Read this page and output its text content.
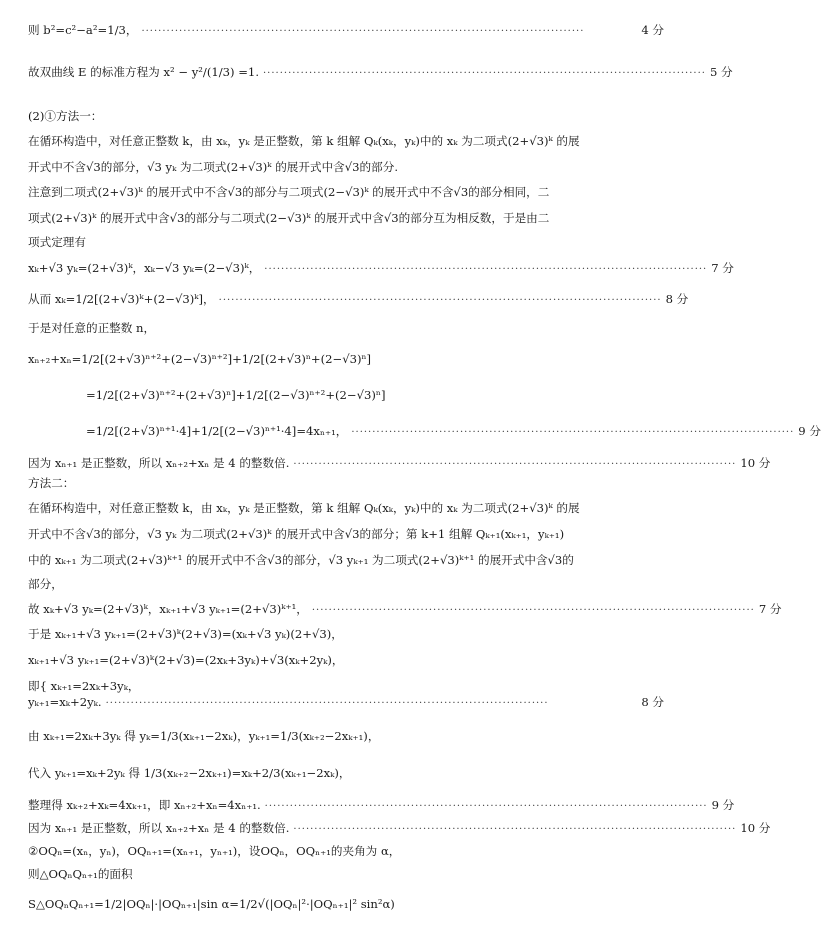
则 b²=c²−a²=1/3， ··········································································································	4 分
故双曲线 E 的标准方程为 x² − y²/(1/3) =1. ·········································································································· 5 分
(2)①方法一：
在循环构造中，对任意正整数 k，由 xₖ，yₖ 是正整数，第 k 组解 Qₖ(xₖ，yₖ)中的 xₖ 为二项式(2+√3)ᵏ 的展
开式中不含√3的部分，√3 yₖ 为二项式(2+√3)ᵏ 的展开式中含√3的部分.
注意到二项式(2+√3)ᵏ 的展开式中不含√3的部分与二项式(2−√3)ᵏ 的展开式中不含√3的部分相同，二
项式(2+√3)ᵏ 的展开式中含√3的部分与二项式(2−√3)ᵏ 的展开式中含√3的部分互为相反数，于是由二
项式定理有
xₖ+√3 yₖ=(2+√3)ᵏ，xₖ−√3 yₖ=(2−√3)ᵏ， ·········································································································· 7 分
从而 xₖ=1/2[(2+√3)ᵏ+(2−√3)ᵏ]， ·········································································································· 8 分
于是对任意的正整数 n，
xₙ₊₂+xₙ=1/2[(2+√3)ⁿ⁺²+(2−√3)ⁿ⁺²]+1/2[(2+√3)ⁿ+(2−√3)ⁿ]
=1/2[(2+√3)ⁿ⁺²+(2+√3)ⁿ]+1/2[(2−√3)ⁿ⁺²+(2−√3)ⁿ]
=1/2[(2+√3)ⁿ⁺¹·4]+1/2[(2−√3)ⁿ⁺¹·4]=4xₙ₊₁， ·········································································································· 9 分
因为 xₙ₊₁ 是正整数，所以 xₙ₊₂+xₙ 是 4 的整数倍. ·········································································································· 10 分
方法二：
在循环构造中，对任意正整数 k，由 xₖ，yₖ 是正整数，第 k 组解 Qₖ(xₖ，yₖ)中的 xₖ 为二项式(2+√3)ᵏ 的展
开式中不含√3的部分，√3 yₖ 为二项式(2+√3)ᵏ 的展开式中含√3的部分；第 k+1 组解 Qₖ₊₁(xₖ₊₁，yₖ₊₁)
中的 xₖ₊₁ 为二项式(2+√3)ᵏ⁺¹ 的展开式中不含√3的部分，√3 yₖ₊₁ 为二项式(2+√3)ᵏ⁺¹ 的展开式中含√3的
部分，
故 xₖ+√3 yₖ=(2+√3)ᵏ，xₖ₊₁+√3 yₖ₊₁=(2+√3)ᵏ⁺¹， ·········································································································· 7 分
于是 xₖ₊₁+√3 yₖ₊₁=(2+√3)ᵏ(2+√3)=(xₖ+√3 yₖ)(2+√3)，
xₖ₊₁+√3 yₖ₊₁=(2+√3)ᵏ(2+√3)=(2xₖ+3yₖ)+√3(xₖ+2yₖ)，
即{ xₖ₊₁=2xₖ+3yₖ，
yₖ₊₁=xₖ+2yₖ. ··········································································································	8 分
由 xₖ₊₁=2xₖ+3yₖ 得 yₖ=1/3(xₖ₊₁−2xₖ)，yₖ₊₁=1/3(xₖ₊₂−2xₖ₊₁)，
代入 yₖ₊₁=xₖ+2yₖ 得 1/3(xₖ₊₂−2xₖ₊₁)=xₖ+2/3(xₖ₊₁−2xₖ)，
整理得 xₖ₊₂+xₖ=4xₖ₊₁，即 xₙ₊₂+xₙ=4xₙ₊₁. ·········································································································· 9 分
因为 xₙ₊₁ 是正整数，所以 xₙ₊₂+xₙ 是 4 的整数倍. ·········································································································· 10 分
②OQₙ=(xₙ，yₙ)，OQₙ₊₁=(xₙ₊₁，yₙ₊₁)，设OQₙ，OQₙ₊₁的夹角为 α，
则△OQₙQₙ₊₁的面积
S△OQₙQₙ₊₁=1/2|OQₙ|·|OQₙ₊₁|sin α=1/2√(|OQₙ|²·|OQₙ₊₁|² sin²α)
